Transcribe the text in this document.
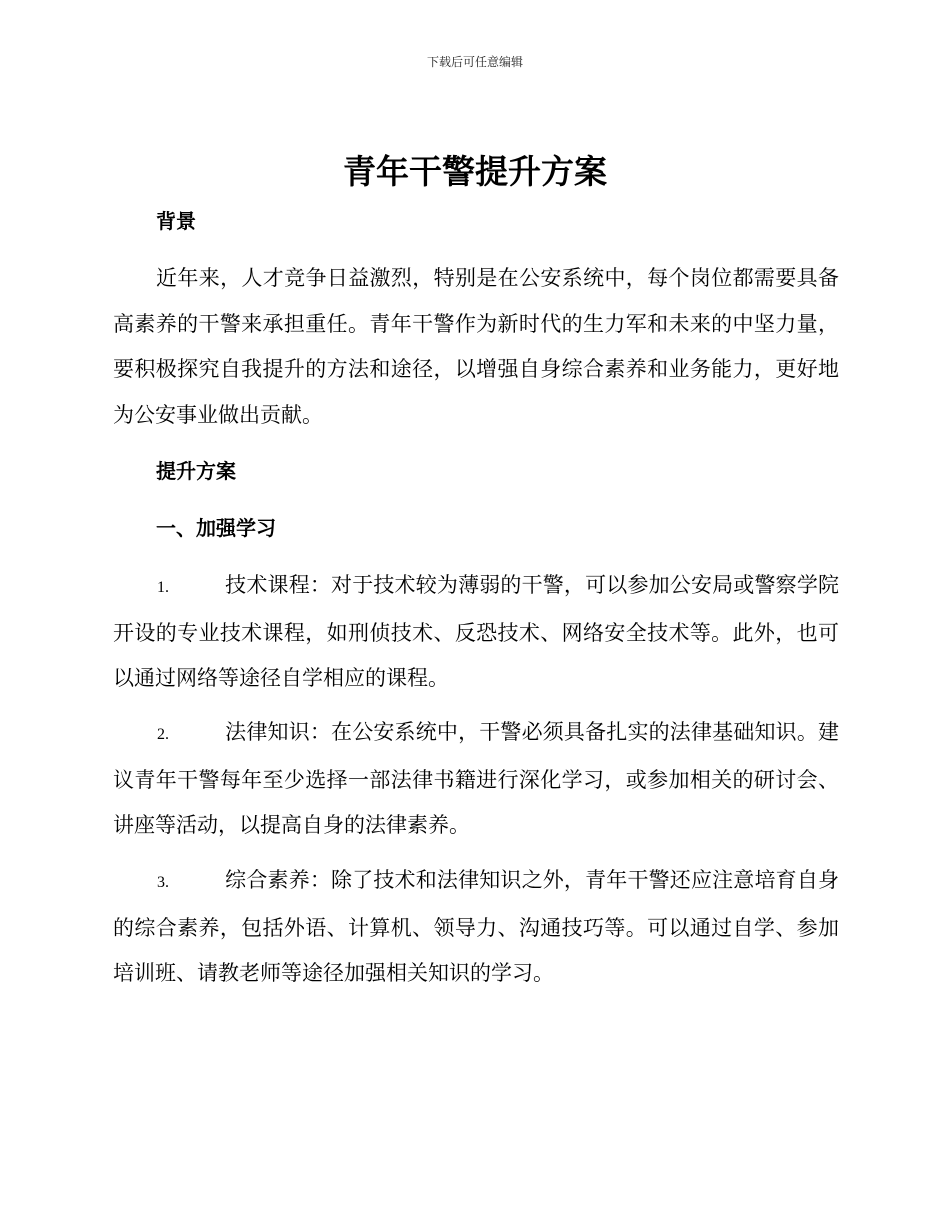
下载后可任意编辑
青年干警提升方案
背景

近年来，人才竞争日益激烈，特别是在公安系统中，每个岗位都需要具备高素养的干警来承担重任。青年干警作为新时代的生力军和未来的中坚力量，要积极探究自我提升的方法和途径，以增强自身综合素养和业务能力，更好地为公安事业做出贡献。

提升方案
一、加强学习

1.	技术课程：对于技术较为薄弱的干警，可以参加公安局或警察学院开设的专业技术课程，如刑侦技术、反恐技术、网络安全技术等。此外，也可以通过网络等途径自学相应的课程。

2.	法律知识：在公安系统中，干警必须具备扎实的法律基础知识。建议青年干警每年至少选择一部法律书籍进行深化学习，或参加相关的研讨会、讲座等活动，以提高自身的法律素养。

3.	综合素养：除了技术和法律知识之外，青年干警还应注意培育自身的综合素养，包括外语、计算机、领导力、沟通技巧等。可以通过自学、参加培训班、请教老师等途径加强相关知识的学习。
